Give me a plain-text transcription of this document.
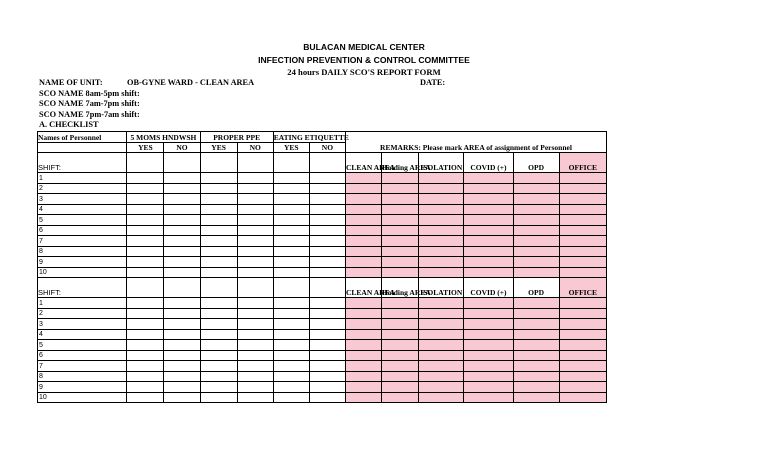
BULACAN MEDICAL CENTER
INFECTION PREVENTION & CONTROL COMMITTEE
24 hours DAILY SCO'S REPORT FORM
NAME OF UNIT:	OB-GYNE WARD - CLEAN AREA	DATE:
SCO NAME 8am-5pm shift:
SCO NAME 7am-7pm shift:
SCO NAME 7pm-7am shift:
A. CHECKLIST
Names of Personnel	5 MOMS HNDWSH		PROPER PPE		EATING ETIQUETTE		REMARKS: Please mark AREA of assignment of Personnel					
	YES	NO	YES	NO	YES	NO						
SHIFT:							CLEAN AREA	Holding AREA	ISOLATION	COVID (+)	OPD	OFFICE
1												
2												
3												
4												
5												
6												
7												
8												
9												
10												
SHIFT:							CLEAN AREA	Holding AREA	ISOLATION	COVID (+)	OPD	OFFICE
1												
2												
3												
4												
5												
6												
7												
8												
9												
10												
